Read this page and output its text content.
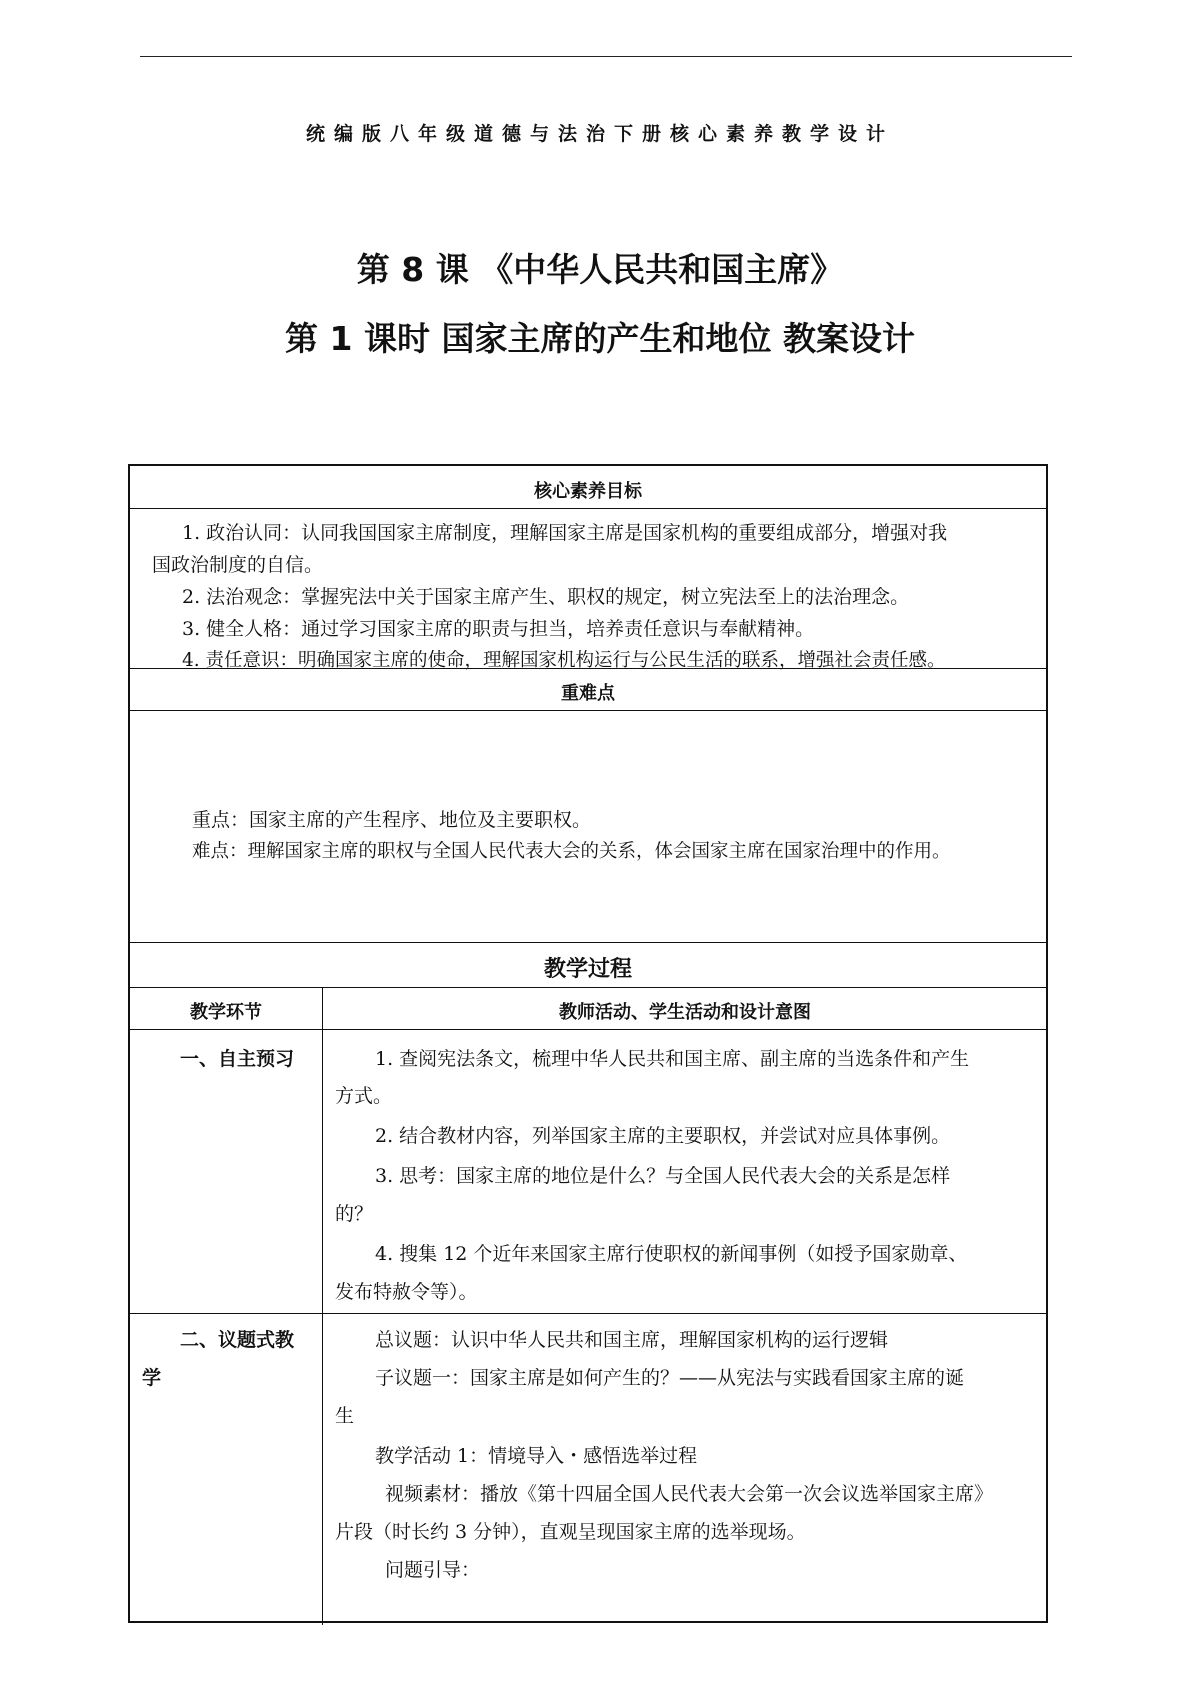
统编版八年级道德与法治下册核心素养教学设计
第 8 课 《中华人民共和国主席》
第 1 课时 国家主席的产生和地位 教案设计
核心素养目标
1. 政治认同：认同我国国家主席制度，理解国家主席是国家机构的重要组成部分，增强对我
国政治制度的自信。
2. 法治观念：掌握宪法中关于国家主席产生、职权的规定，树立宪法至上的法治理念。
3. 健全人格：通过学习国家主席的职责与担当，培养责任意识与奉献精神。
4. 责任意识：明确国家主席的使命，理解国家机构运行与公民生活的联系，增强社会责任感。
重难点
重点：国家主席的产生程序、地位及主要职权。
难点：理解国家主席的职权与全国人民代表大会的关系，体会国家主席在国家治理中的作用。
教学过程
教学环节	教师活动、学生活动和设计意图
一、自主预习	1. 查阅宪法条文，梳理中华人民共和国主席、副主席的当选条件和产生
方式。
2. 结合教材内容，列举国家主席的主要职权，并尝试对应具体事例。
3. 思考：国家主席的地位是什么？与全国人民代表大会的关系是怎样
的？
4. 搜集 12 个近年来国家主席行使职权的新闻事例（如授予国家勋章、
发布特赦令等）。
二、议题式教
学
总议题：认识中华人民共和国主席，理解国家机构的运行逻辑
子议题一：国家主席是如何产生的？——从宪法与实践看国家主席的诞
生
教学活动 1：情境导入・感悟选举过程
视频素材：播放《第十四届全国人民代表大会第一次会议选举国家主席》
片段（时长约 3 分钟），直观呈现国家主席的选举现场。
问题引导：
